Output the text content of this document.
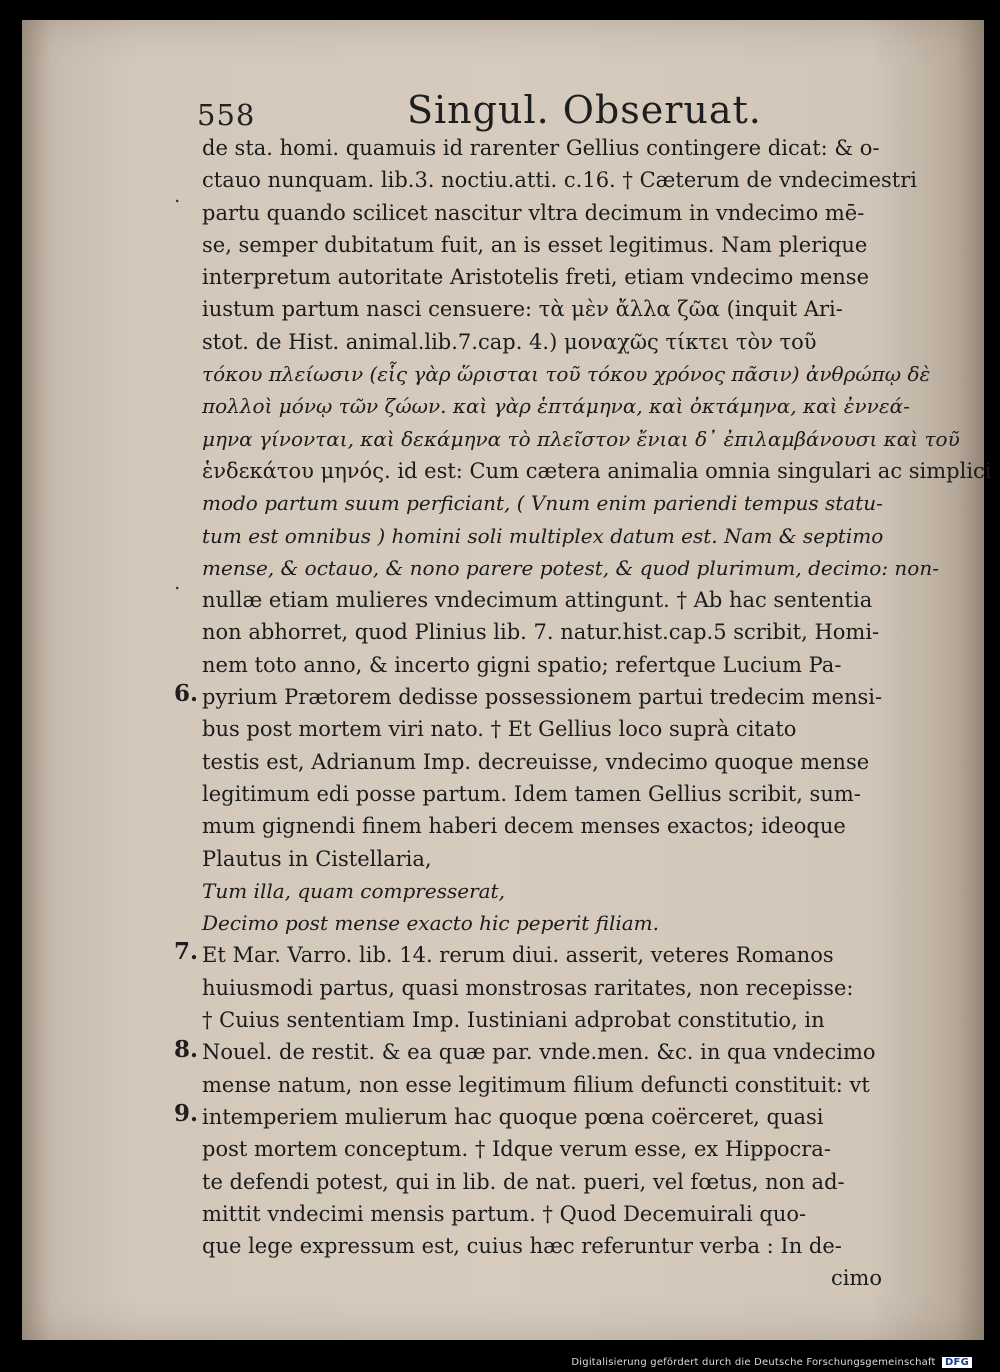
558	Singul. Obseruat.
.
.
6.
7.
8.
9.
de sta. homi. quamuis id rarenter Gellius contingere dicat: & o-
ctauo nunquam. lib.3. noctiu.atti. c.16. † Cæterum de vndecimestri
partu quando scilicet nascitur vltra decimum in vndecimo mē-
se, semper dubitatum fuit, an is esset legitimus. Nam plerique
interpretum autoritate Aristotelis freti, etiam vndecimo mense
iustum partum nasci censuere: τὰ μὲν ἄλλα ζῶα (inquit Ari-
stot. de Hist. animal.lib.7.cap. 4.) μοναχῶς τίκτει τὸν τοῦ
τόκου πλείωσιν (εἷς γὰρ ὥρισται τοῦ τόκου χρόνος πᾶσιν) ἀνθρώπῳ δὲ
πολλοὶ μόνῳ τῶν ζώων. καὶ γὰρ ἑπτάμηνα, καὶ ὀκτάμηνα, καὶ ἐννεά-
μηνα γίνονται, καὶ δεκάμηνα τὸ πλεῖστον ἔνιαι δ᾽ ἐπιλαμβάνουσι καὶ τοῦ
ἑνδεκάτου μηνός. id est: Cum cætera animalia omnia singulari ac simplici
modo partum suum perficiant, ( Vnum enim pariendi tempus statu-
tum est omnibus ) homini soli multiplex datum est. Nam & septimo
mense, & octauo, & nono parere potest, & quod plurimum, decimo: non-
nullæ etiam mulieres vndecimum attingunt. † Ab hac sententia
non abhorret, quod Plinius lib. 7. natur.hist.cap.5 scribit, Homi-
nem toto anno, & incerto gigni spatio; refertque Lucium Pa-
pyrium Prætorem dedisse possessionem partui tredecim mensi-
bus post mortem viri nato. † Et Gellius loco suprà citato
testis est, Adrianum Imp. decreuisse, vndecimo quoque mense
legitimum edi posse partum. Idem tamen Gellius scribit, sum-
mum gignendi finem haberi decem menses exactos; ideoque
Plautus in Cistellaria,
Tum illa, quam compresserat,
Decimo post mense exacto hic peperit filiam.
Et Mar. Varro. lib. 14. rerum diui. asserit, veteres Romanos
huiusmodi partus, quasi monstrosas raritates, non recepisse:
† Cuius sententiam Imp. Iustiniani adprobat constitutio, in
Nouel. de restit. & ea quæ par. vnde.men. &c. in qua vndecimo
mense natum, non esse legitimum filium defuncti constituit: vt
intemperiem mulierum hac quoque pœna coërceret, quasi
post mortem conceptum. † Idque verum esse, ex Hippocra-
te defendi potest, qui in lib. de nat. pueri, vel fœtus, non ad-
mittit vndecimi mensis partum. † Quod Decemuirali quo-
que lege expressum est, cuius hæc referuntur verba : In de-
cimo
Digitalisierung gefördert durch die Deutsche Forschungsgemeinschaft DFG
